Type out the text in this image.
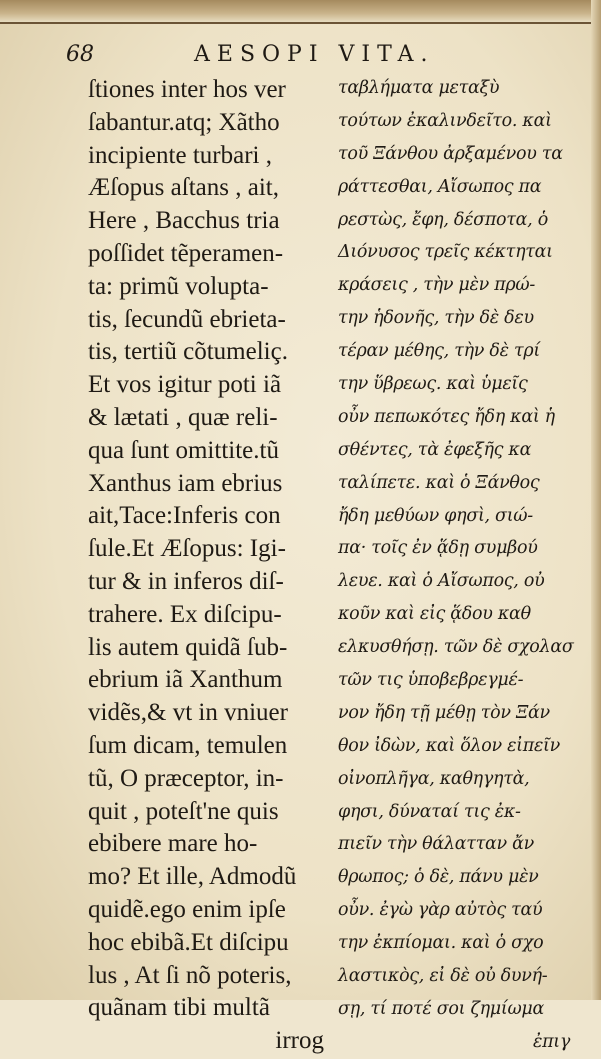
68	AESOPI VITA.
ſtiones inter hos ver
ſabantur.atq; Xãtho
incipiente turbari ,
Æſopus aſtans , ait,
Here , Bacchus tria
poſſidet tẽperamen-
ta: primũ volupta-
tis, ſecundũ ebrieta-
tis, tertiũ cõtumeliç.
Et vos igitur poti iã
& lætati , quæ reli-
qua ſunt omittite.tũ
Xanthus iam ebrius
ait,Tace:Inferis con
ſule.Et Æſopus: Igi-
tur & in inferos diſ-
trahere. Ex diſcipu-
lis autem quidã ſub-
ebrium iã Xanthum
vidẽs,& vt in vniuer
ſum dicam, temulen
tũ, O præceptor, in-
quit , poteſt'ne quis
ebibere mare ho-
mo? Et ille, Admodũ
quidẽ.ego enim ipſe
hoc ebibã.Et diſcipu
lus , At ſi nõ poteris,
quãnam tibi multã
irrog
ταβλήματα μεταξὺ
τούτων ἐκαλινδεῖτο. καὶ
τοῦ Ξάνθου ἀρξαμένου τα
ράττεσθαι, Αἴσωπος πα
ρεστὼς, ἔφη, δέσποτα, ὁ
Διόνυσος τρεῖς κέκτηται
κράσεις , τὴν μὲν πρώ-
την ἡδονῆς, τὴν δὲ δευ
τέραν μέθης, τὴν δὲ τρί
την ὕβρεως. καὶ ὑμεῖς
οὖν πεπωκότες ἤδη καὶ ἡ
σθέντες, τὰ ἐφεξῆς κα
ταλίπετε. καὶ ὁ Ξάνθος
ἤδη μεθύων φησὶ, σιώ-
πα· τοῖς ἐν ᾅδῃ συμβού
λευε. καὶ ὁ Αἴσωπος, οὐ
κοῦν καὶ εἰς ᾅδου καθ
ελκυσθήσῃ. τῶν δὲ σχολασ
τῶν τις ὑποβεβρεγμέ-
νον ἤδη τῇ μέθῃ τὸν Ξάν
θον ἰδὼν, καὶ ὅλον εἰπεῖν
οἰνοπλῆγα, καθηγητὰ,
φησι, δύναταί τις ἐκ-
πιεῖν τὴν θάλατταν ἄν
θρωπος; ὁ δὲ, πάνυ μὲν
οὖν. ἐγὼ γὰρ αὐτὸς ταύ
την ἐκπίομαι. καὶ ὁ σχο
λαστικὸς, εἰ δὲ οὐ δυνή-
σῃ, τί ποτέ σοι ζημίωμα
ἐπιγ
